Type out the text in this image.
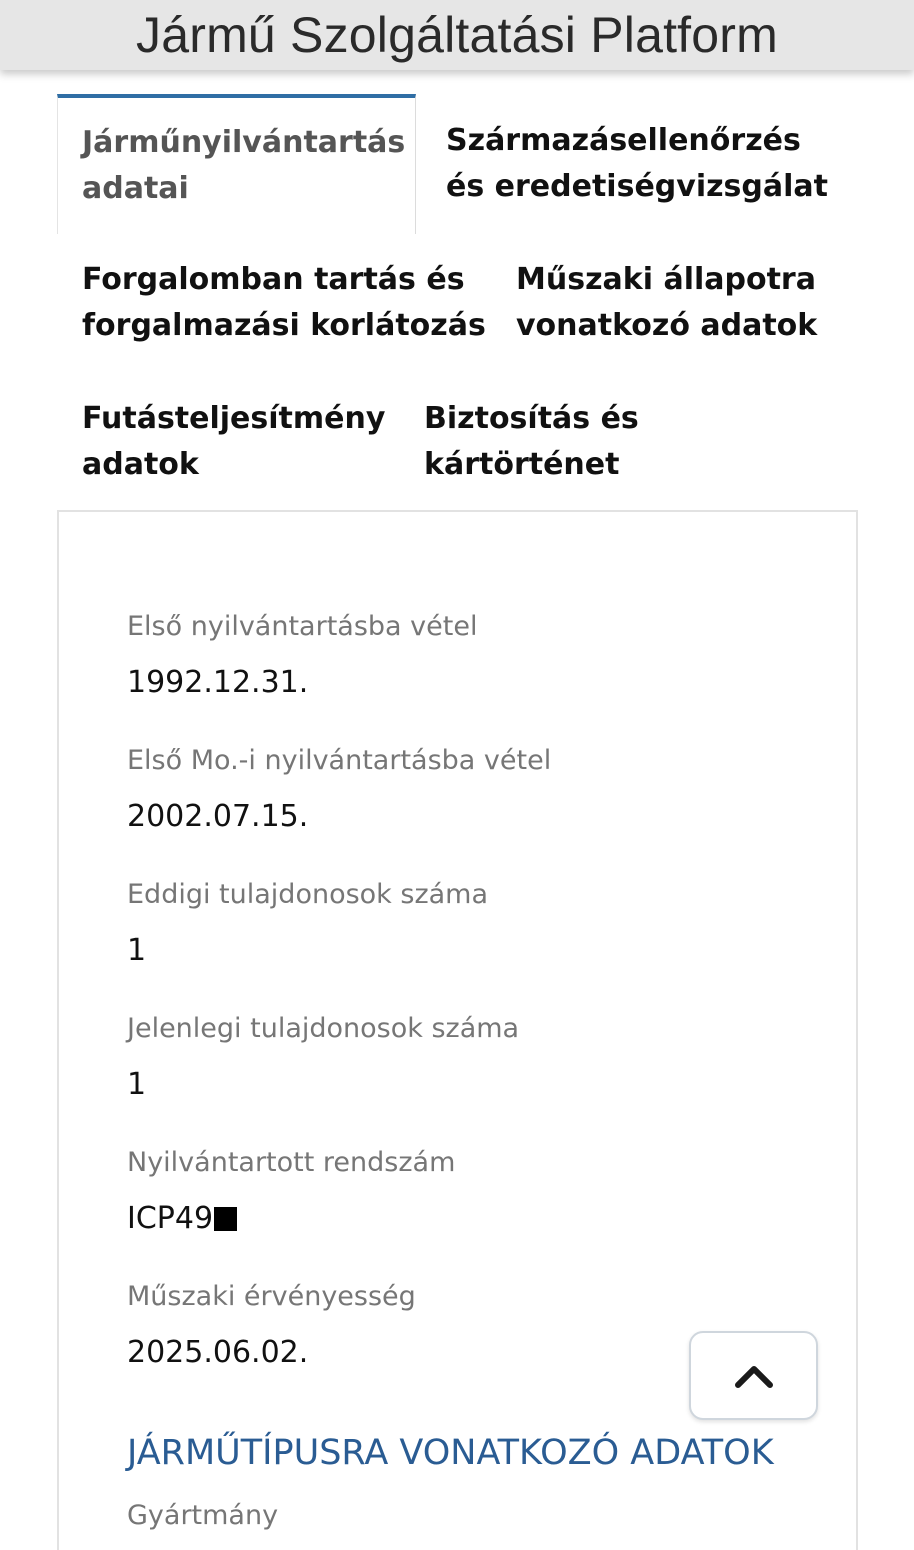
Jármű Szolgáltatási Platform
Járműnyilvántartás
adatai
Származásellenőrzés
és eredetiségvizsgálat
Forgalomban tartás és
forgalmazási korlátozás
Műszaki állapotra
vonatkozó adatok
Futásteljesítmény
adatok
Biztosítás és
kártörténet
Első nyilvántartásba vétel
1992.12.31.
Első Mo.-i nyilvántartásba vétel
2002.07.15.
Eddigi tulajdonosok száma
1
Jelenlegi tulajdonosok száma
1
Nyilvántartott rendszám
ICP49
Műszaki érvényesség
2025.06.02.
JÁRMŰTÍPUSRA VONATKOZÓ ADATOK
Gyártmány
